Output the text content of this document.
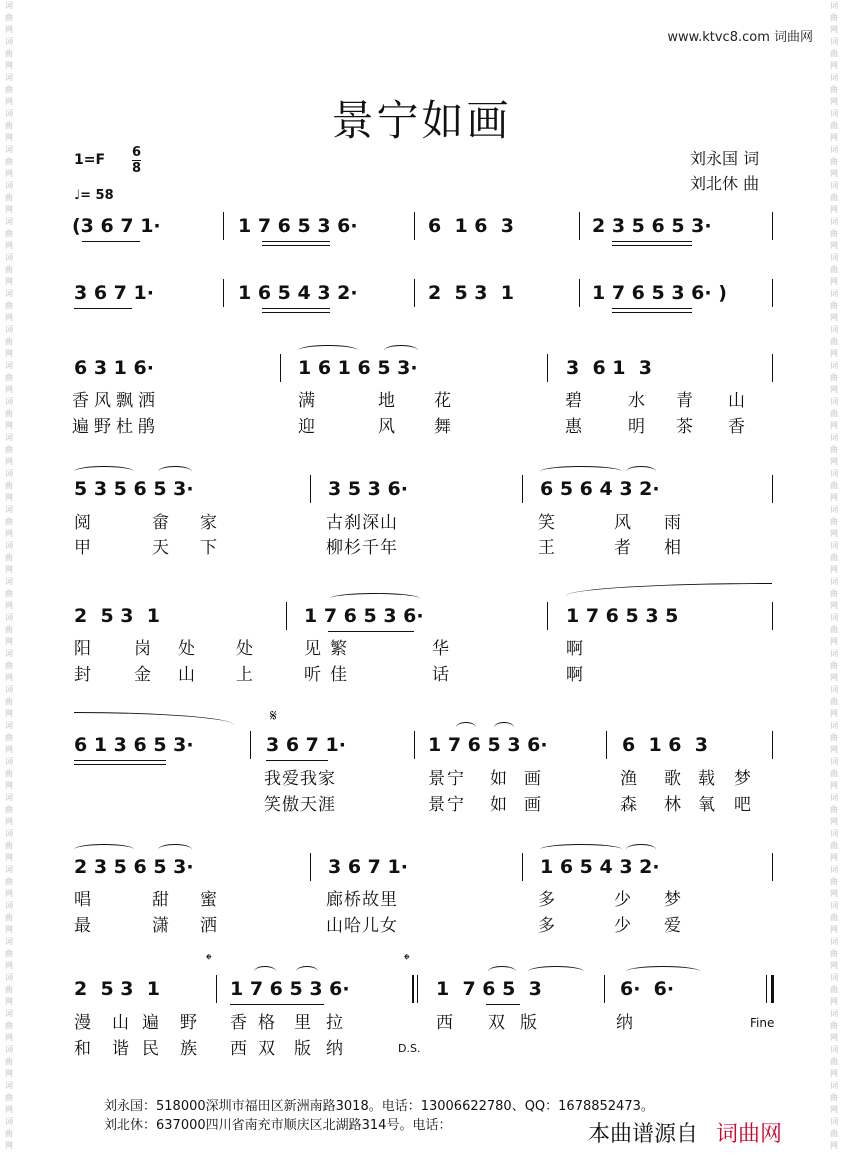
词
曲
网
词
曲
网
词
曲
网
词
曲
网
词
曲
网
词
曲
网
词
曲
网
词
曲
网
词
曲
网
词
曲
网
词
曲
网
词
曲
网
词
曲
网
词
曲
网
词
曲
网
词
曲
网
词
曲
网
词
曲
网
词
曲
网
词
曲
网
词
曲
网
词
曲
网
词
曲
网
词
曲
网
词
曲
网
词
曲
网
词
曲
网
词
曲
网
词
曲
网
词
曲
网
词
曲
网
词
曲
网
词
曲
网
词
曲
网
词
曲
网
词
曲
网
词
曲
网
词
曲
网
词
曲
网
词
曲
网
词
曲
网
词
曲
网
词
曲
网
词
曲
网
词
曲
网
词
曲
网
词
曲
网
词
曲
网
词
曲
网
词
曲
网
词
曲
网
词
曲
网
词
曲
网
词
曲
网
词
曲
网
词
曲
网
词
曲
网
词
曲
网
词
曲
网
词
曲
网
词
曲
网
词
曲
网
词
曲
网
词
曲
网
www.ktvc8.com 词曲网
景宁如画
1=F 6
8
♩= 58
刘永国 词
刘北休 曲
(3 6 7 1·	1 7 6 5 3 6·	6  1 6  3	2 3 5 6 5 3·
3 6 7 1·	1 6 5 4 3 2·	2  5 3  1	1 7 6 5 3 6· )
6 3 1 6·	1 6 1 6 5 3·	3  6 1  3
香风飘洒	满	地 花	碧	水 青 山
遍野杜鹃	迎	风 舞	惠	明 茶 香
5 3 5 6 5 3·	3 5 3 6·	6 5 6 4 3 2·
阅	畲 家	古刹深山	笑	风 雨
甲	天 下	柳杉千年	王	者 相
2  5 3  1	1 7 6 5 3 6·	1 7 6 5 3 5
阳	岗 处 处	见 繁	华	啊
封	金 山 上	听 佳	话	啊
𝄋
6 1 3 6 5 3·	3 6 7 1·	1 7 6 5 3 6·	6  1 6  3
我爱我家	景宁 如 画	渔 歌 载 梦
笑傲天涯	景宁 如 画	森 林 氧 吧
2 3 5 6 5 3·	3 6 7 1·	1 6 5 4 3 2·
唱	甜 蜜	廊桥故里	多	少 梦
最	潇 洒	山哈儿女	多	少 爱
𝄌	𝄌
2  5 3  1	1 7 6 5 3 6·	1  7 6 5  3	6·  6·
漫 山 遍 野 香 格 里 拉	西 双 版	纳
和 谐 民 族 西 双 版 纳	D.S.
Fine
刘永国：518000深圳市福田区新洲南路3018。电话：13006622780、QQ：1678852473。
刘北休：637000四川省南充市顺庆区北湖路314号。电话：	本曲谱源自 词曲网
